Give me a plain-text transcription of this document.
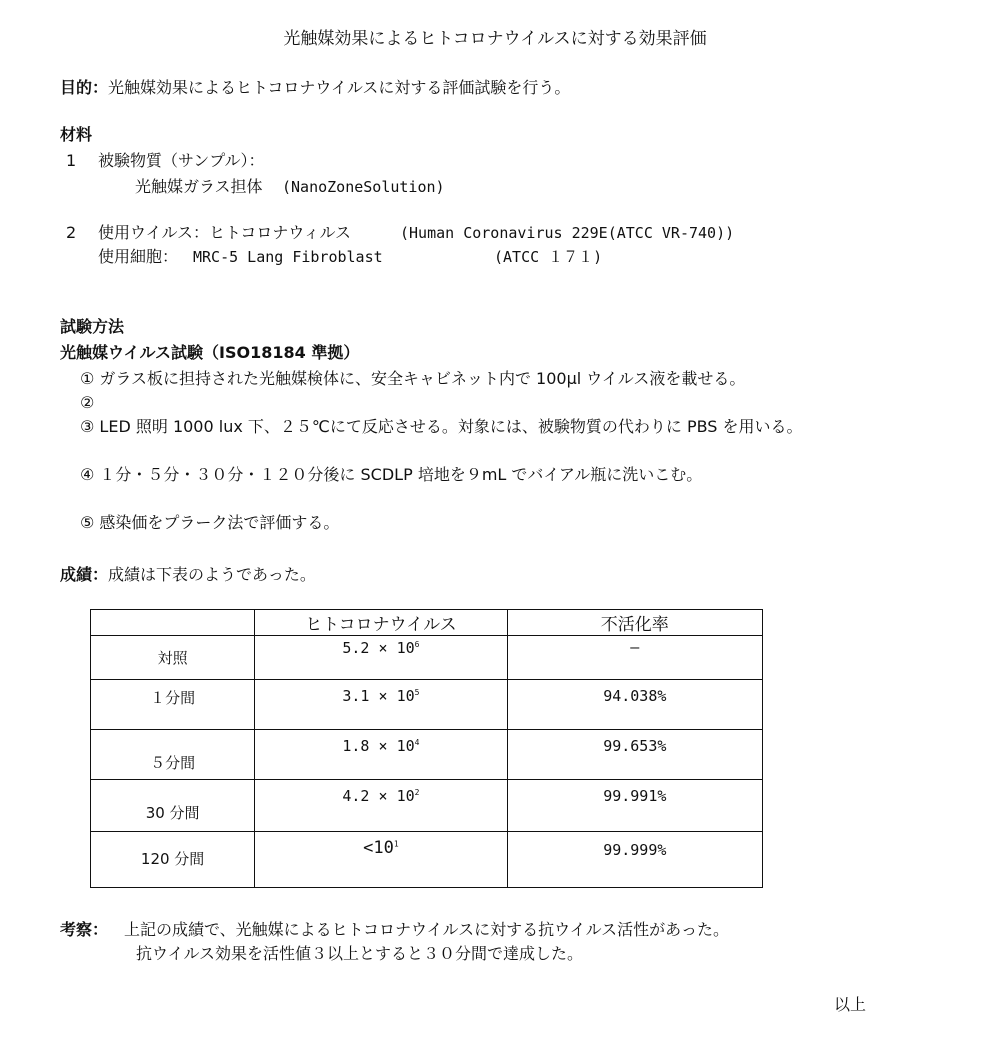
光触媒効果によるヒトコロナウイルスに対する効果評価
目的： 光触媒効果によるヒトコロナウイルスに対する評価試験を行う。
材料
1 被験物質（サンプル）：
光触媒ガラス担体 (NanoZoneSolution)
2 使用ウイルス：ヒトコロナウィルス	(Human Coronavirus 229E(ATCC VR-740))
使用細胞： MRC-5 Lang Fibroblast	(ATCC １７１)
試験方法
光触媒ウイルス試験（ISO18184 準拠）
① ガラス板に担持された光触媒検体に、安全キャビネット内で 100μl ウイルス液を載せる。
②
③ LED 照明 1000 lux 下、２５℃にて反応させる。対象には、被験物質の代わりに PBS を用いる。
④ １分・５分・３０分・１２０分後に SCDLP 培地を９mL でバイアル瓶に洗いこむ。
⑤ 感染価をプラーク法で評価する。
成績： 成績は下表のようであった。
	ヒトコロナウイルス	不活化率
対照	$5.2 \times 10^6$	—
１分間	$3.1 \times 10^5$	94.038%
５分間	$1.8 \times 10^4$	99.653%
30 分間	$4.2 \times 10^2$	99.991%
120 分間	$<10^1$	99.999%
考察： 上記の成績で、光触媒によるヒトコロナウイルスに対する抗ウイルス活性があった。
抗ウイルス効果を活性値３以上とすると３０分間で達成した。
以上
